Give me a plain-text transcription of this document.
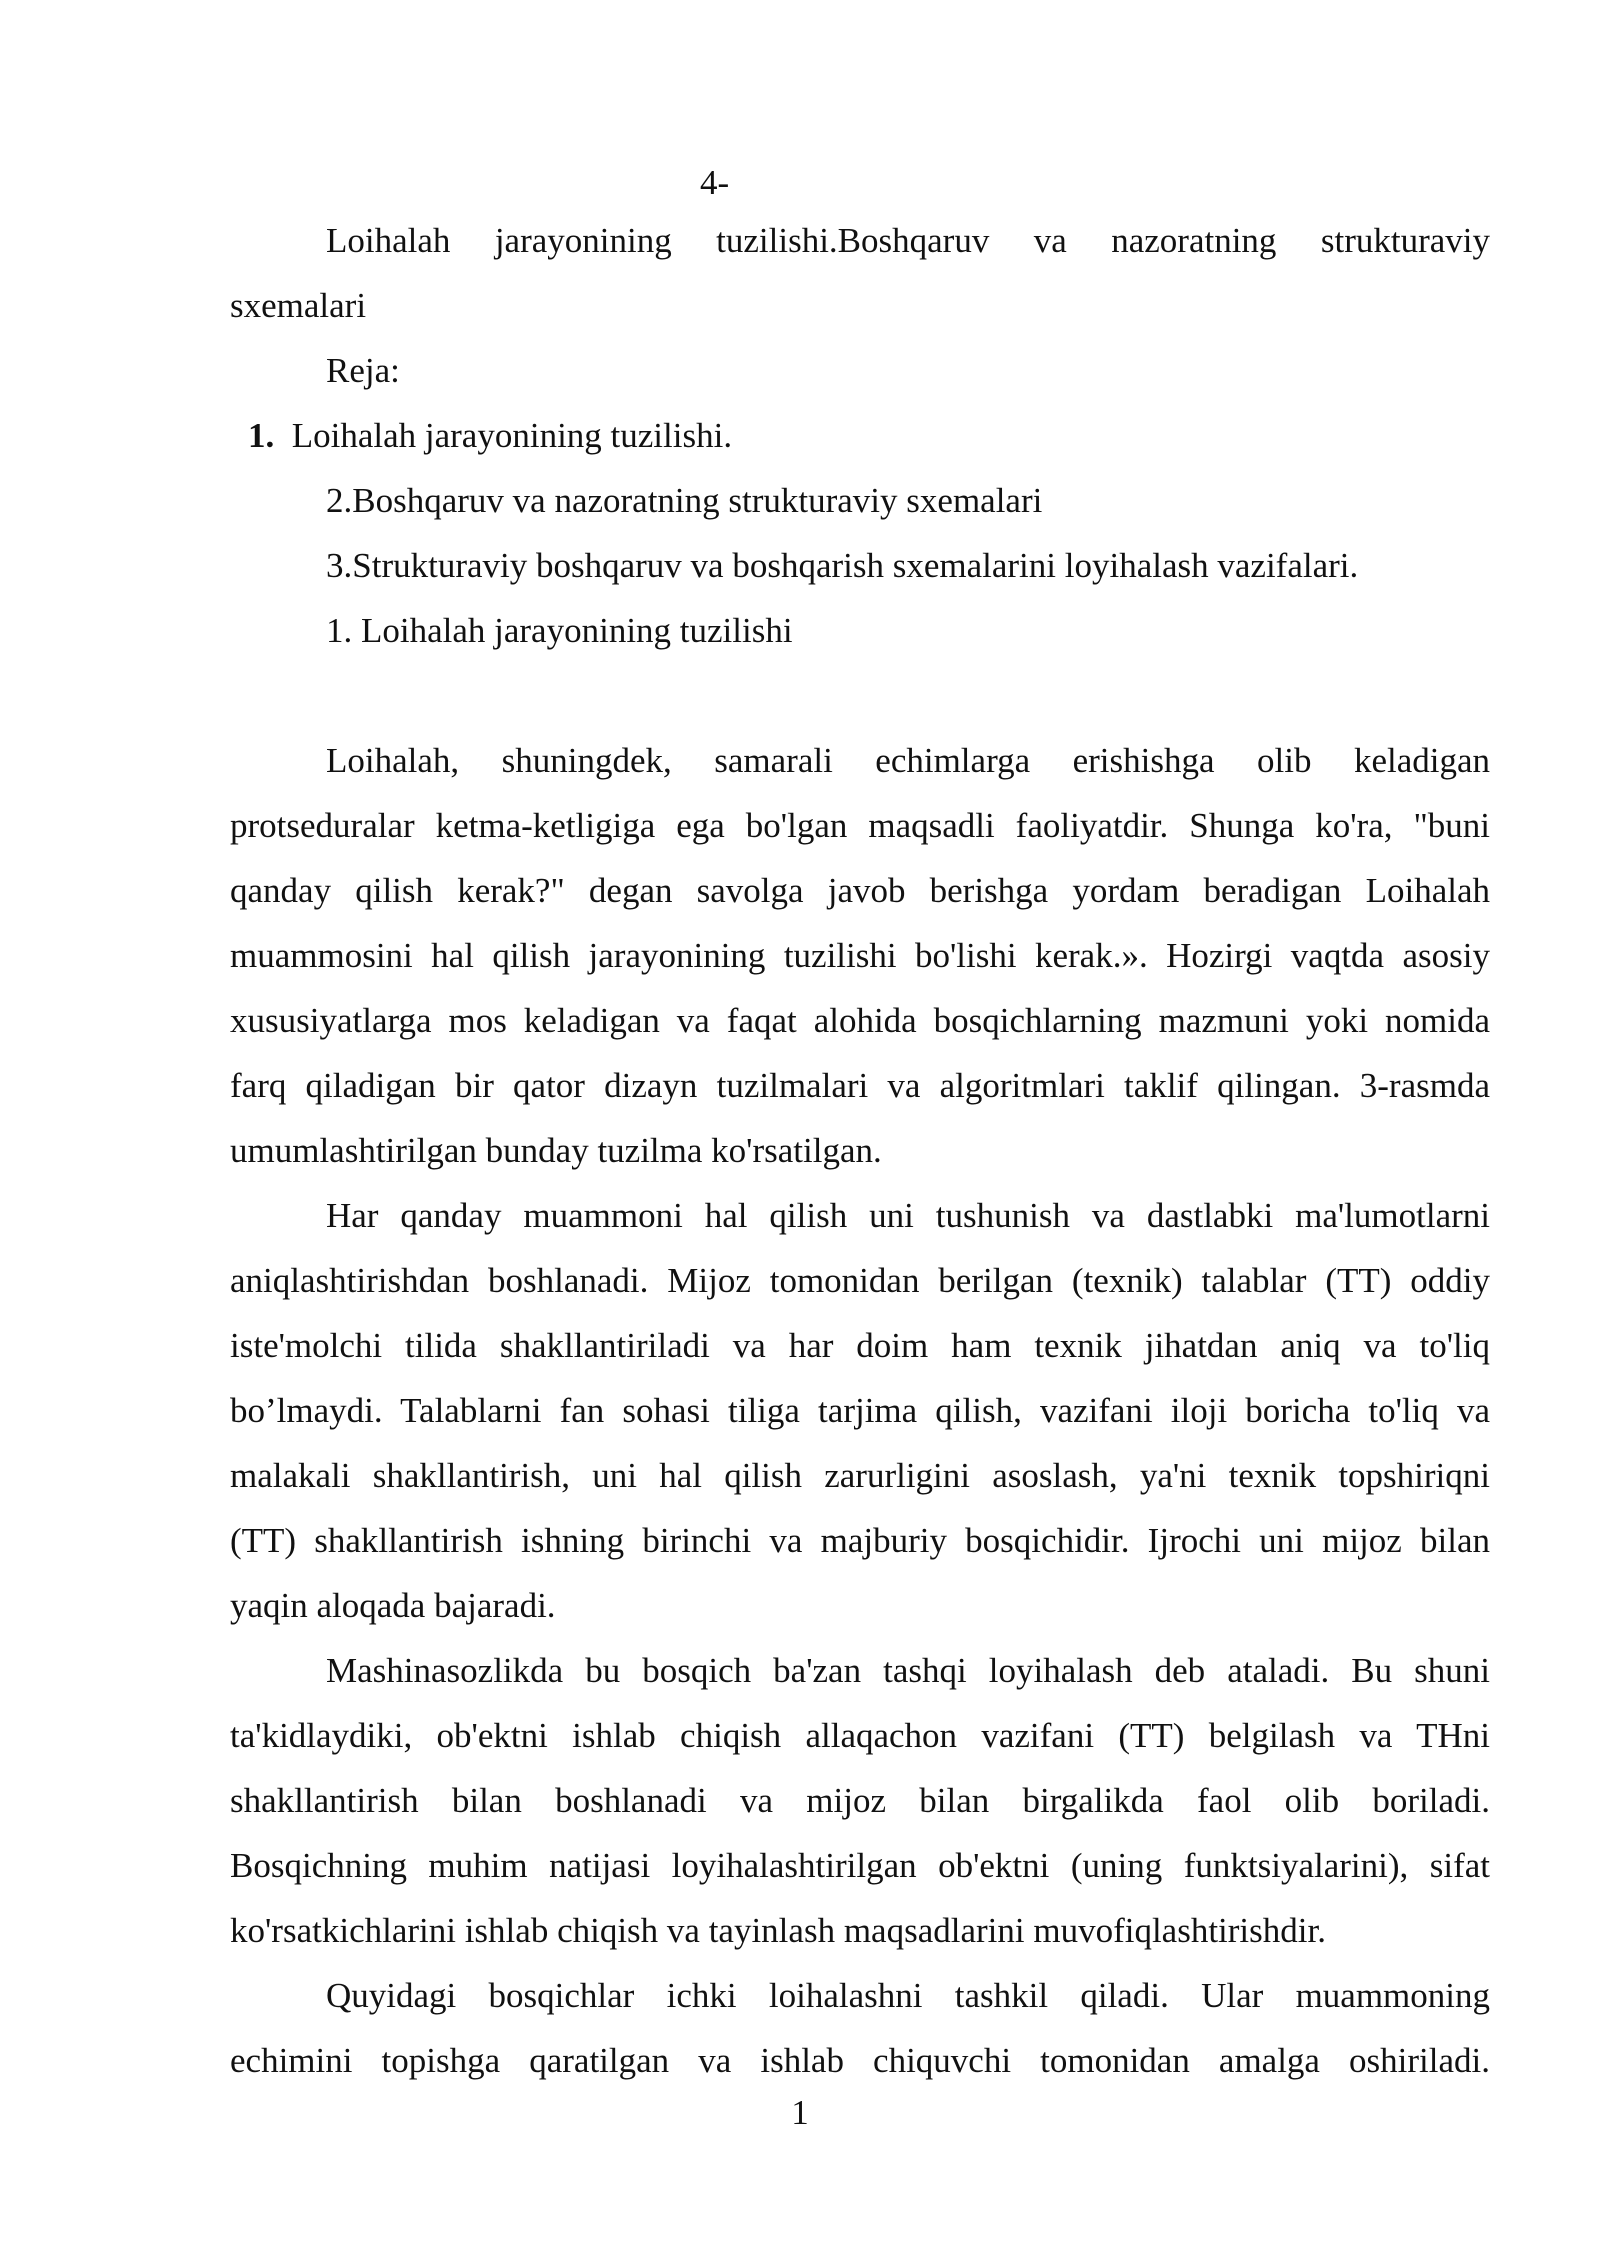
4-
Loihalah jarayonining tuzilishi.Boshqaruv va nazoratning strukturaviy
sxemalari
Reja:
1. Loihalah jarayonining tuzilishi.
2.Boshqaruv va nazoratning strukturaviy sxemalari
3.Strukturaviy boshqaruv va boshqarish sxemalarini loyihalash vazifalari.
1. Loihalah jarayonining tuzilishi
Loihalah, shuningdek, samarali echimlarga erishishga olib keladigan
protseduralar ketma-ketligiga ega bo'lgan maqsadli faoliyatdir. Shunga ko'ra, "buni
qanday qilish kerak?" degan savolga javob berishga yordam beradigan Loihalah
muammosini hal qilish jarayonining tuzilishi bo'lishi kerak.». Hozirgi vaqtda asosiy
xususiyatlarga mos keladigan va faqat alohida bosqichlarning mazmuni yoki nomida
farq qiladigan bir qator dizayn tuzilmalari va algoritmlari taklif qilingan. 3-rasmda
umumlashtirilgan bunday tuzilma ko'rsatilgan.
Har qanday muammoni hal qilish uni tushunish va dastlabki ma'lumotlarni
aniqlashtirishdan boshlanadi. Mijoz tomonidan berilgan (texnik) talablar (TT) oddiy
iste'molchi tilida shakllantiriladi va har doim ham texnik jihatdan aniq va to'liq
bo’lmaydi. Talablarni fan sohasi tiliga tarjima qilish, vazifani iloji boricha to'liq va
malakali shakllantirish, uni hal qilish zarurligini asoslash, ya'ni texnik topshiriqni
(TT) shakllantirish ishning birinchi va majburiy bosqichidir. Ijrochi uni mijoz bilan
yaqin aloqada bajaradi.
Mashinasozlikda bu bosqich ba'zan tashqi loyihalash deb ataladi. Bu shuni
ta'kidlaydiki, ob'ektni ishlab chiqish allaqachon vazifani (TT) belgilash va THni
shakllantirish bilan boshlanadi va mijoz bilan birgalikda faol olib boriladi.
Bosqichning muhim natijasi loyihalashtirilgan ob'ektni (uning funktsiyalarini), sifat
ko'rsatkichlarini ishlab chiqish va tayinlash maqsadlarini muvofiqlashtirishdir.
Quyidagi bosqichlar ichki loihalashni tashkil qiladi. Ular muammoning
echimini topishga qaratilgan va ishlab chiquvchi tomonidan amalga oshiriladi.
1
